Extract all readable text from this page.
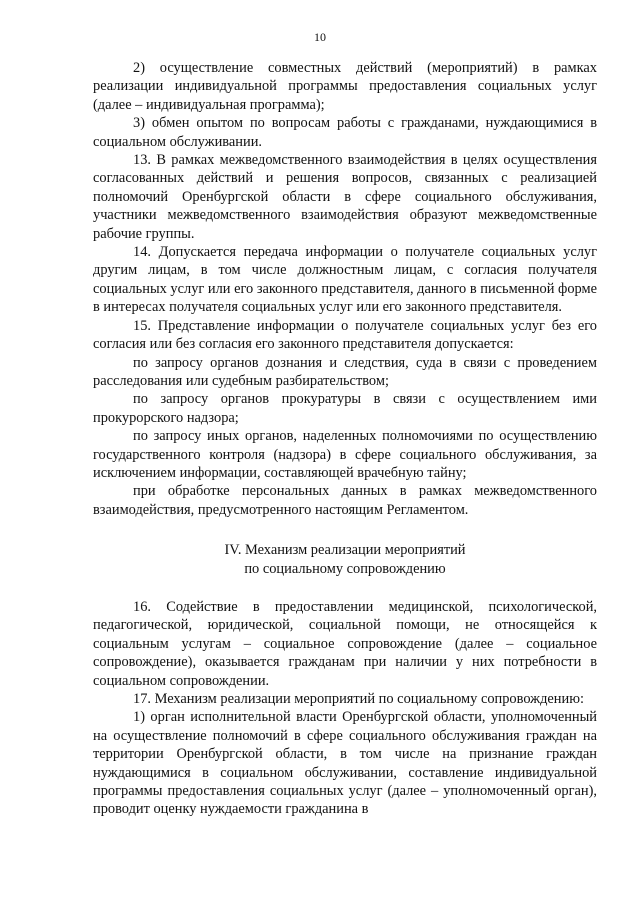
10

2) осуществление совместных действий (мероприятий) в рамках реализации индивидуальной программы предоставления социальных услуг (далее – индивидуальная программа);

3) обмен опытом по вопросам работы с гражданами, нуждающимися в социальном обслуживании.

13. В рамках межведомственного взаимодействия в целях осуществления согласованных действий и решения вопросов, связанных с реализацией полномочий Оренбургской области в сфере социального обслуживания, участники межведомственного взаимодействия образуют межведомственные рабочие группы.

14. Допускается передача информации о получателе социальных услуг другим лицам, в том числе должностным лицам, с согласия получателя социальных услуг или его законного представителя, данного в письменной форме в интересах получателя социальных услуг или его законного представителя.

15. Представление информации о получателе социальных услуг без его согласия или без согласия его законного представителя допускается:

по запросу органов дознания и следствия, суда в связи с проведением расследования или судебным разбирательством;

по запросу органов прокуратуры в связи с осуществлением ими прокурорского надзора;

по запросу иных органов, наделенных полномочиями по осуществлению государственного контроля (надзора) в сфере социального обслуживания, за исключением информации, составляющей врачебную тайну;

при обработке персональных данных в рамках межведомственного взаимодействия, предусмотренного настоящим Регламентом.

IV. Механизм реализации мероприятий
по социальному сопровождению

16. Содействие в предоставлении медицинской, психологической, педагогической, юридической, социальной помощи, не относящейся к социальным услугам – социальное сопровождение (далее – социальное сопровождение), оказывается гражданам при наличии у них потребности в социальном сопровождении.

17. Механизм реализации мероприятий по социальному сопровождению:

1) орган исполнительной власти Оренбургской области, уполномоченный на осуществление полномочий в сфере социального обслуживания граждан на территории Оренбургской области, в том числе на признание граждан нуждающимися в социальном обслуживании, составление индивидуальной программы предоставления социальных услуг (далее – уполномоченный орган), проводит оценку нуждаемости гражданина в
